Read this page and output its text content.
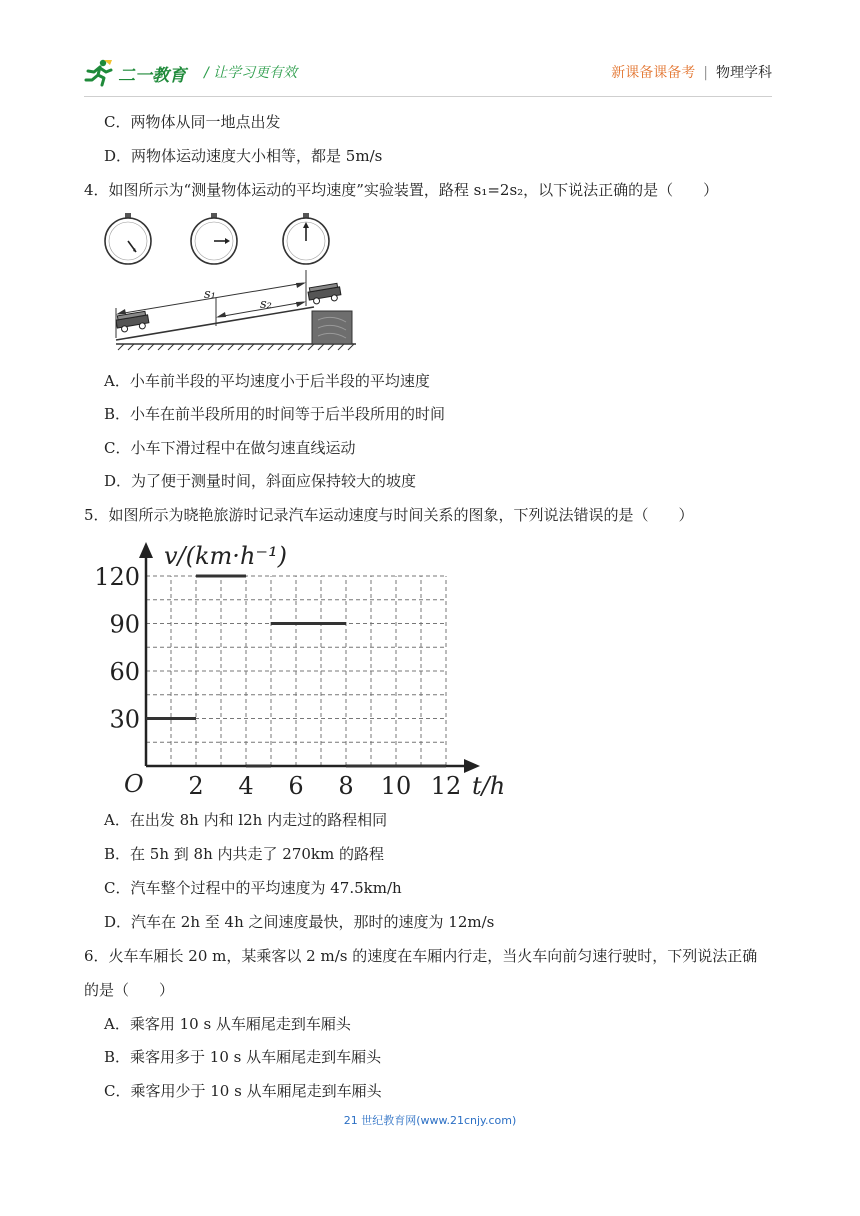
二一教育 / 让学习更有效	新课备课备考 | 物理学科
C．两物体从同一地点出发
D．两物体运动速度大小相等，都是 5m/s
4．如图所示为“测量物体运动的平均速度”实验装置，路程 s₁=2s₂，以下说法正确的是（　　）
s₁
s₂
A．小车前半段的平均速度小于后半段的平均速度
B．小车在前半段所用的时间等于后半段所用的时间
C．小车下滑过程中在做匀速直线运动
D．为了便于测量时间，斜面应保持较大的坡度
5．如图所示为晓艳旅游时记录汽车运动速度与时间关系的图象，下列说法错误的是（　　）
v/(km·h⁻¹)
t/h
O 2 4 6 8 10 12
30
60
90
120
A．在出发 8h 内和 l2h 内走过的路程相同
B．在 5h 到 8h 内共走了 270km 的路程
C．汽车整个过程中的平均速度为 47.5km/h
D．汽车在 2h 至 4h 之间速度最快，那时的速度为 12m/s
6．火车车厢长 20 m，某乘客以 2 m/s 的速度在车厢内行走，当火车向前匀速行驶时，下列说法正确
的是（　　）
A．乘客用 10 s 从车厢尾走到车厢头
B．乘客用多于 10 s 从车厢尾走到车厢头
C．乘客用少于 10 s 从车厢尾走到车厢头
21 世纪教育网(www.21cnjy.com)
